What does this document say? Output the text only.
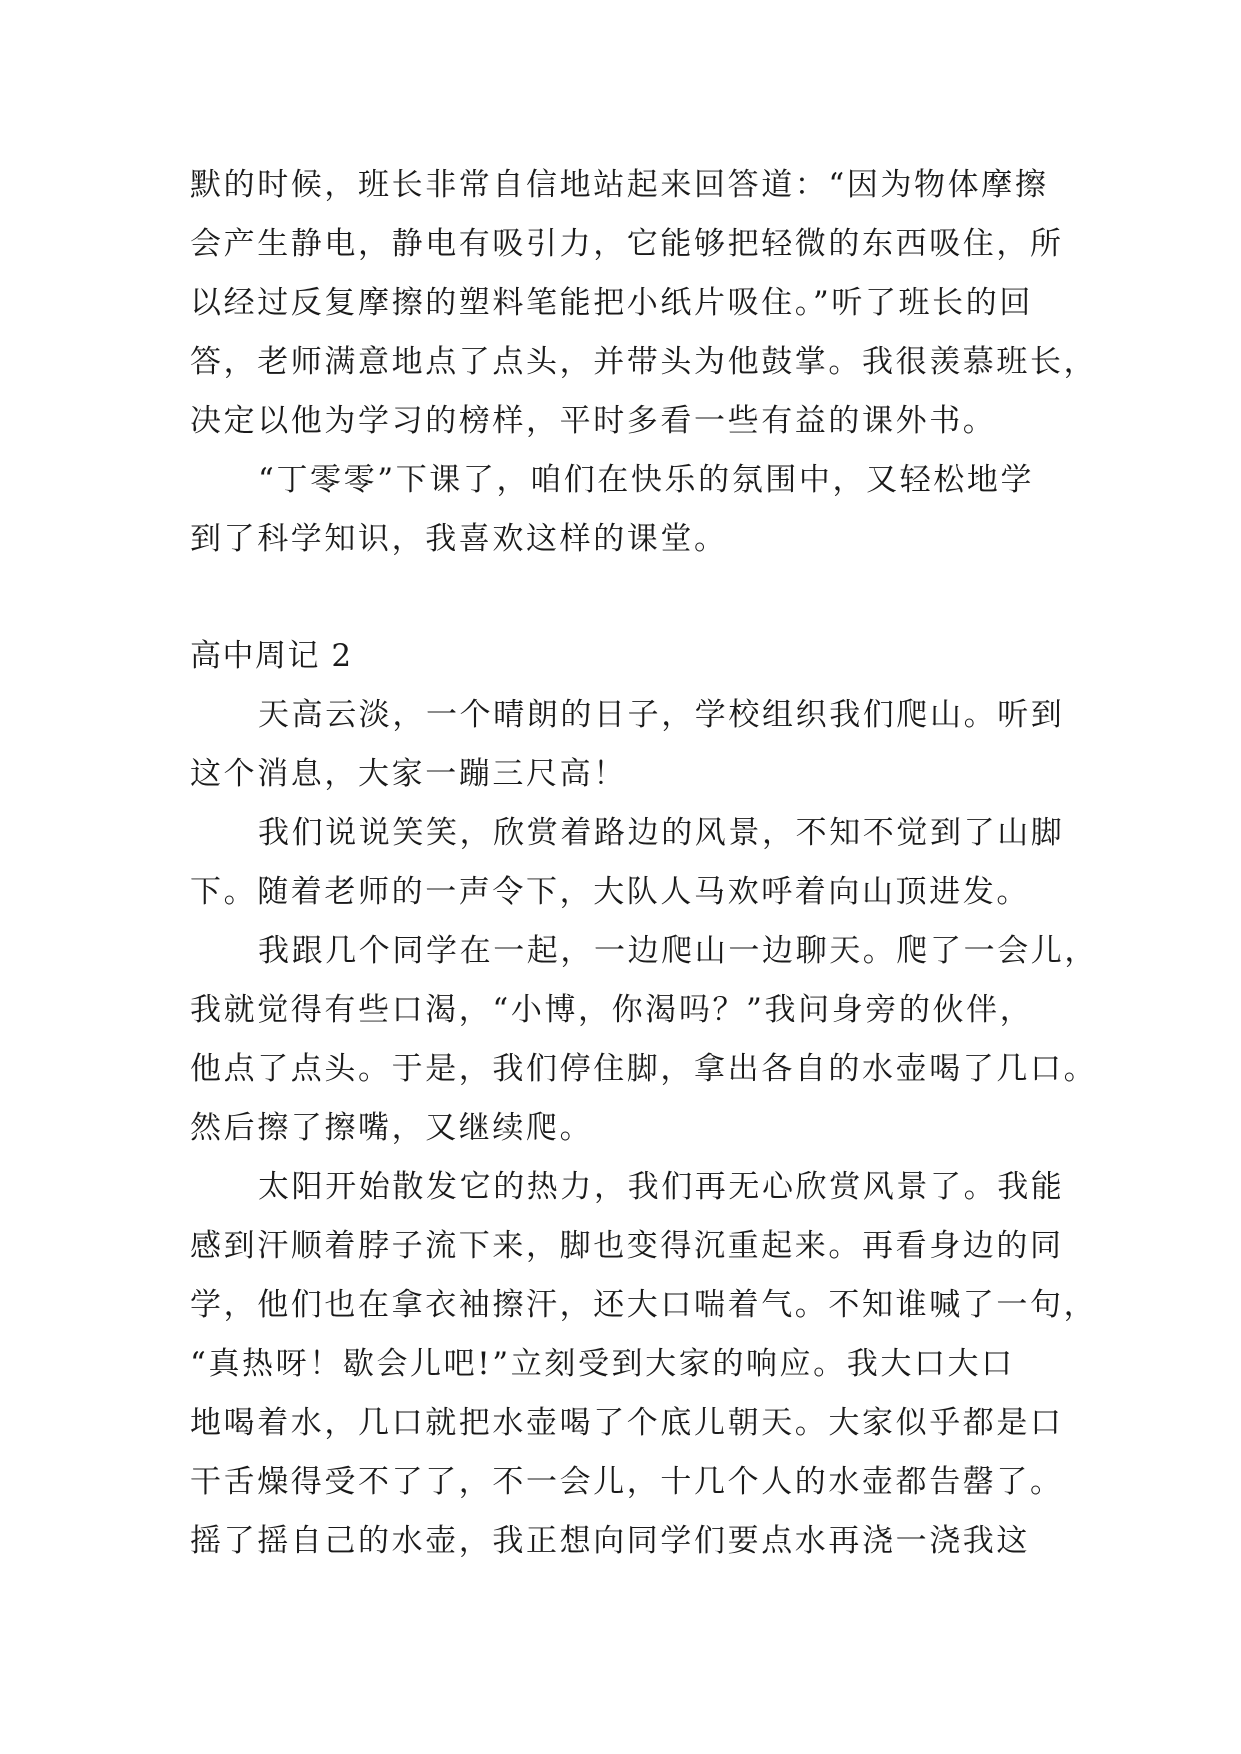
默的时候，班长非常自信地站起来回答道：“因为物体摩擦
会产生静电，静电有吸引力，它能够把轻微的东西吸住，所
以经过反复摩擦的塑料笔能把小纸片吸住。”听了班长的回
答，老师满意地点了点头，并带头为他鼓掌。我很羡慕班长，
决定以他为学习的榜样，平时多看一些有益的课外书。
“丁零零”下课了，咱们在快乐的氛围中，又轻松地学
到了科学知识，我喜欢这样的课堂。
高中周记 2
天高云淡，一个晴朗的日子，学校组织我们爬山。听到
这个消息，大家一蹦三尺高！
我们说说笑笑，欣赏着路边的风景，不知不觉到了山脚
下。随着老师的一声令下，大队人马欢呼着向山顶进发。
我跟几个同学在一起，一边爬山一边聊天。爬了一会儿，
我就觉得有些口渴，“小博，你渴吗？”我问身旁的伙伴，
他点了点头。于是，我们停住脚，拿出各自的水壶喝了几口。
然后擦了擦嘴，又继续爬。
太阳开始散发它的热力，我们再无心欣赏风景了。我能
感到汗顺着脖子流下来，脚也变得沉重起来。再看身边的同
学，他们也在拿衣袖擦汗，还大口喘着气。不知谁喊了一句，
“真热呀！歇会儿吧!”立刻受到大家的响应。我大口大口
地喝着水，几口就把水壶喝了个底儿朝天。大家似乎都是口
干舌燥得受不了了，不一会儿，十几个人的水壶都告罄了。
摇了摇自己的水壶，我正想向同学们要点水再浇一浇我这
